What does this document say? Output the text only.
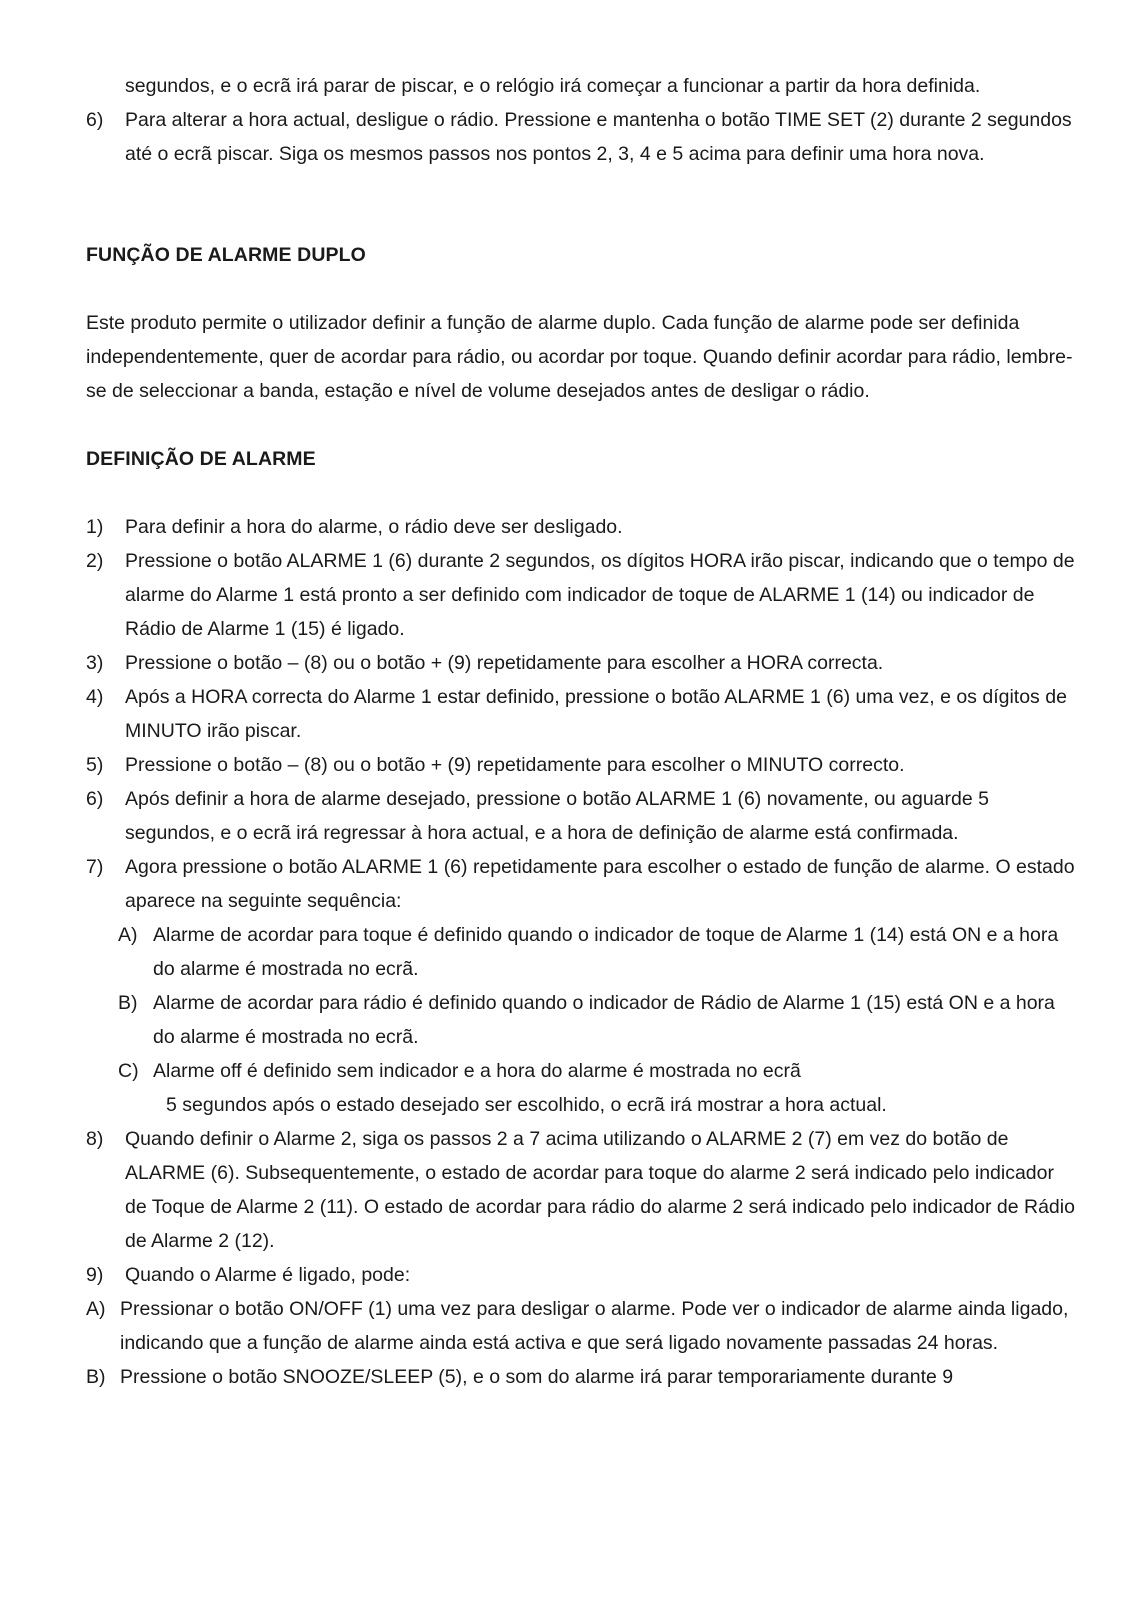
segundos, e o ecrã irá parar de piscar, e o relógio irá começar a funcionar a partir da hora definida.

6) Para alterar a hora actual, desligue o rádio. Pressione e mantenha o botão TIME SET (2) durante 2 segundos até o ecrã piscar. Siga os mesmos passos nos pontos 2, 3, 4 e 5 acima para definir uma hora nova.

FUNÇÃO DE ALARME DUPLO

Este produto permite o utilizador definir a função de alarme duplo. Cada função de alarme pode ser definida independentemente, quer de acordar para rádio, ou acordar por toque. Quando definir acordar para rádio, lembre-se de seleccionar a banda, estação e nível de volume desejados antes de desligar o rádio.

DEFINIÇÃO DE ALARME

1) Para definir a hora do alarme, o rádio deve ser desligado.
2) Pressione o botão ALARME 1 (6) durante 2 segundos, os dígitos HORA irão piscar, indicando que o tempo de alarme do Alarme 1 está pronto a ser definido com indicador de toque de ALARME 1 (14) ou indicador de Rádio de Alarme 1 (15) é ligado.
3) Pressione o botão – (8) ou o botão + (9) repetidamente para escolher a HORA correcta.
4) Após a HORA correcta do Alarme 1 estar definido, pressione o botão ALARME 1 (6) uma vez, e os dígitos de MINUTO irão piscar.
5) Pressione o botão – (8) ou o botão + (9) repetidamente para escolher o MINUTO correcto.
6) Após definir a hora de alarme desejado, pressione o botão ALARME 1 (6) novamente, ou aguarde 5 segundos, e o ecrã irá regressar à hora actual, e a hora de definição de alarme está confirmada.
7) Agora pressione o botão ALARME 1 (6) repetidamente para escolher o estado de função de alarme. O estado aparece na seguinte sequência:
A) Alarme de acordar para toque é definido quando o indicador de toque de Alarme 1 (14) está ON e a hora do alarme é mostrada no ecrã.
B) Alarme de acordar para rádio é definido quando o indicador de Rádio de Alarme 1 (15) está ON e a hora do alarme é mostrada no ecrã.
C) Alarme off é definido sem indicador e a hora do alarme é mostrada no ecrã

5 segundos após o estado desejado ser escolhido, o ecrã irá mostrar a hora actual.

8) Quando definir o Alarme 2, siga os passos 2 a 7 acima utilizando o ALARME 2 (7) em vez do botão de ALARME (6). Subsequentemente, o estado de acordar para toque do alarme 2 será indicado pelo indicador de Toque de Alarme 2 (11). O estado de acordar para rádio do alarme 2 será indicado pelo indicador de Rádio de Alarme 2 (12).
9) Quando o Alarme é ligado, pode:
A) Pressionar o botão ON/OFF (1) uma vez para desligar o alarme. Pode ver o indicador de alarme ainda ligado, indicando que a função de alarme ainda está activa e que será ligado novamente passadas 24 horas.
B) Pressione o botão SNOOZE/SLEEP (5), e o som do alarme irá parar temporariamente durante 9
